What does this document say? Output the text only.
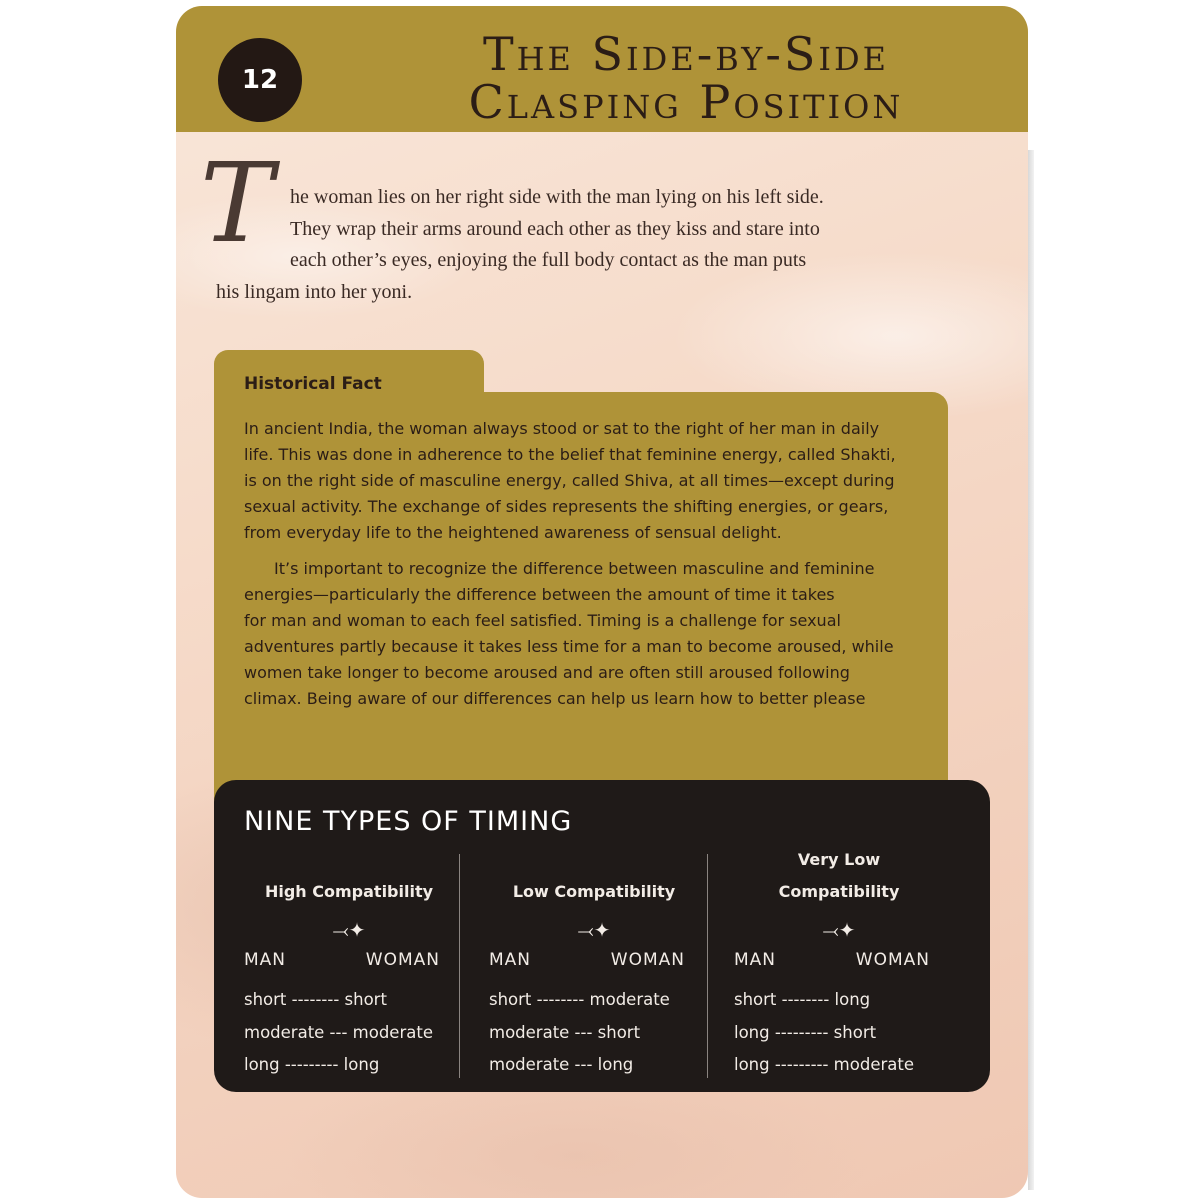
12	The Side-by-Side
Clasping Position
T he woman lies on her right side with the man lying on his left side.
They wrap their arms around each other as they kiss and stare into
each other’s eyes, enjoying the full body contact as the man puts
his lingam into her yoni.
Historical Fact
In ancient India, the woman always stood or sat to the right of her man in daily
life. This was done in adherence to the belief that feminine energy, called Shakti,
is on the right side of masculine energy, called Shiva, at all times—except during
sexual activity. The exchange of sides represents the shifting energies, or gears,
from everyday life to the heightened awareness of sensual delight.
It’s important to recognize the difference between masculine and feminine
energies—particularly the difference between the amount of time it takes
for man and woman to each feel satisfied. Timing is a challenge for sexual
adventures partly because it takes less time for a man to become aroused, while
women take longer to become aroused and are often still aroused following
climax. Being aware of our differences can help us learn how to better please
NINE TYPES OF TIMING
High Compatibility
⤙✦
MAN	WOMAN
short -------- short
moderate --- moderate
long --------- long
Low Compatibility
⤙✦
MAN	WOMAN
short -------- moderate
moderate --- short
moderate --- long
Very Low
Compatibility
⤙✦
MAN	WOMAN
short -------- long
long --------- short
long --------- moderate
